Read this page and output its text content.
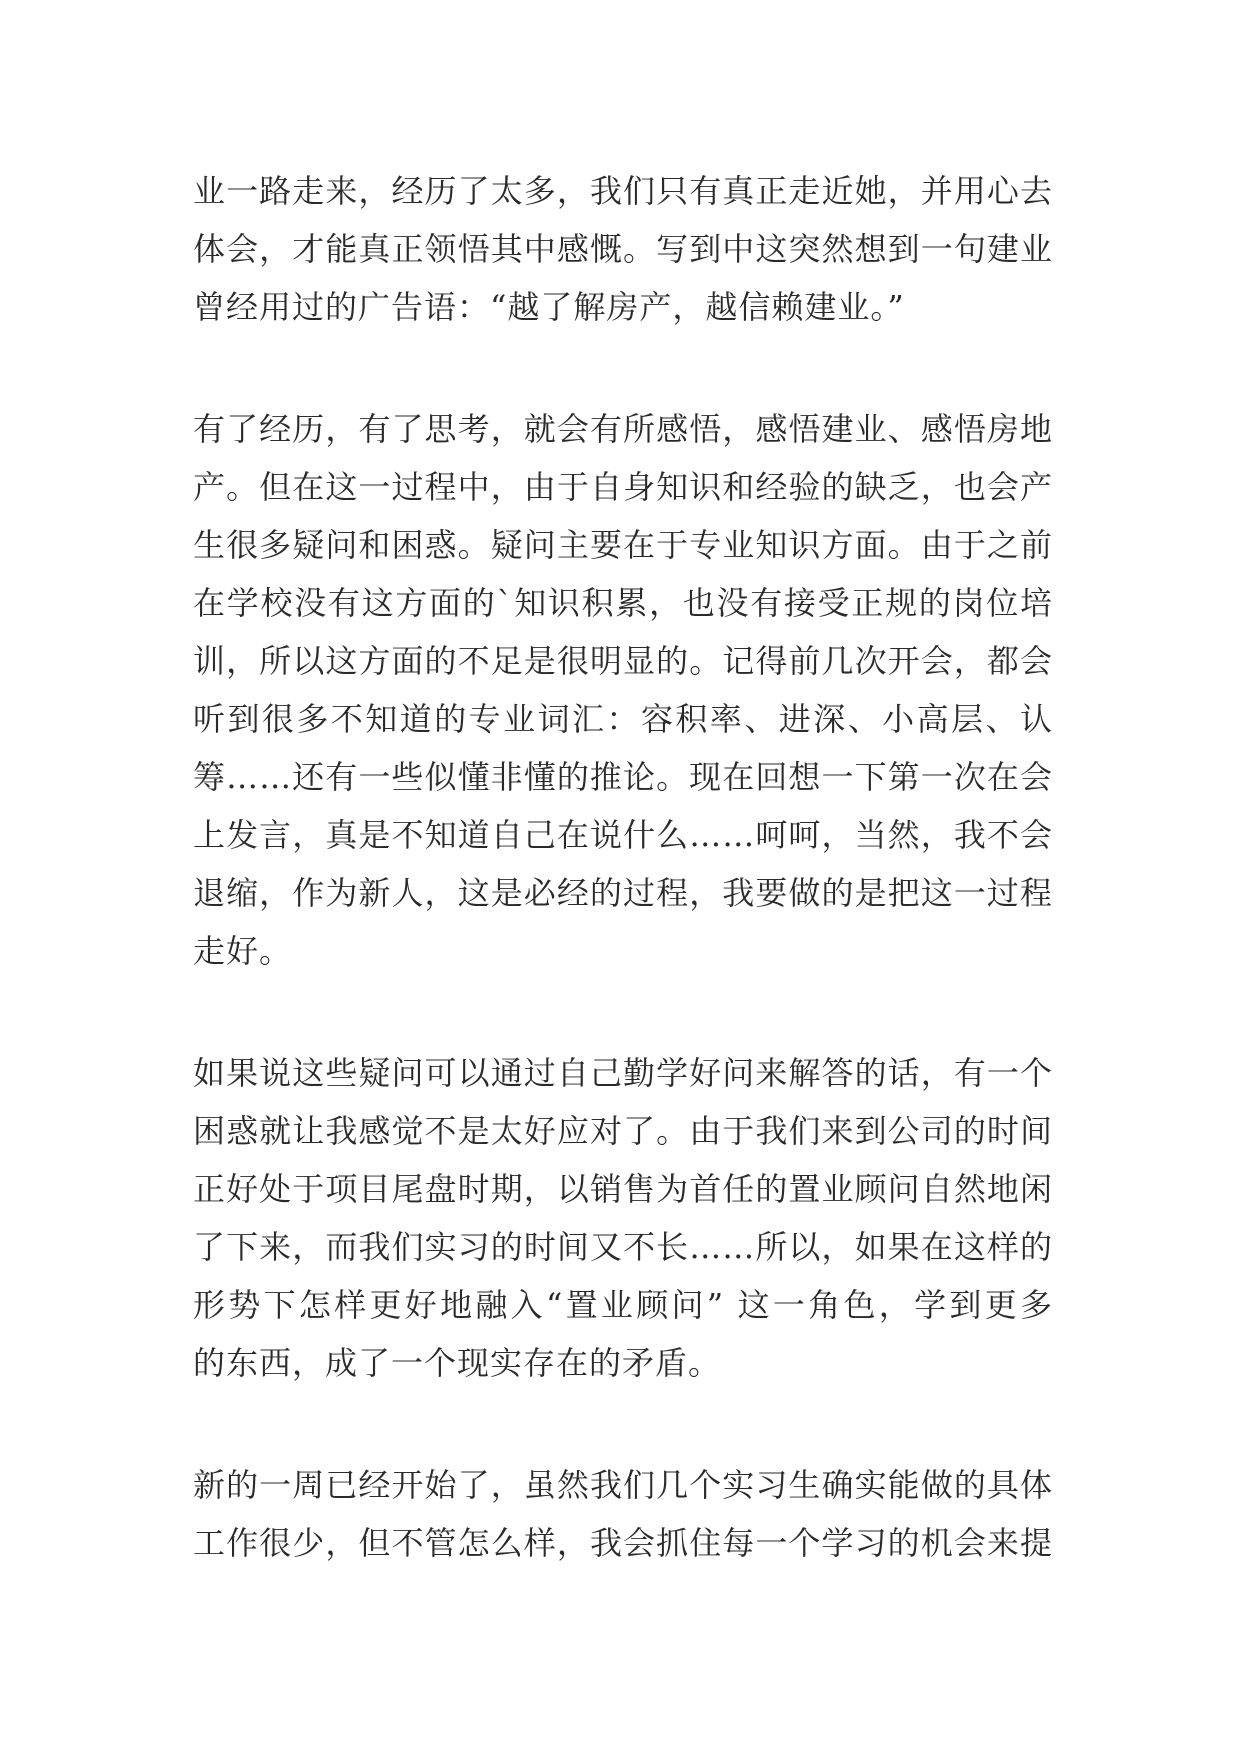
业一路走来，经历了太多，我们只有真正走近她，并用心去
体会，才能真正领悟其中感慨。写到中这突然想到一句建业
曾经用过的广告语：“越了解房产，越信赖建业。”
有了经历，有了思考，就会有所感悟，感悟建业、感悟房地
产。但在这一过程中，由于自身知识和经验的缺乏，也会产
生很多疑问和困惑。疑问主要在于专业知识方面。由于之前
在学校没有这方面的`知识积累，也没有接受正规的岗位培
训，所以这方面的不足是很明显的。记得前几次开会，都会
听到很多不知道的专业词汇：容积率、进深、小高层、认
筹……还有一些似懂非懂的推论。现在回想一下第一次在会
上发言，真是不知道自己在说什么……呵呵，当然，我不会
退缩，作为新人，这是必经的过程，我要做的是把这一过程
走好。
如果说这些疑问可以通过自己勤学好问来解答的话，有一个
困惑就让我感觉不是太好应对了。由于我们来到公司的时间
正好处于项目尾盘时期，以销售为首任的置业顾问自然地闲
了下来，而我们实习的时间又不长……所以，如果在这样的
形势下怎样更好地融入“置业顾问” 这一角色，学到更多
的东西，成了一个现实存在的矛盾。
新的一周已经开始了，虽然我们几个实习生确实能做的具体
工作很少，但不管怎么样，我会抓住每一个学习的机会来提
